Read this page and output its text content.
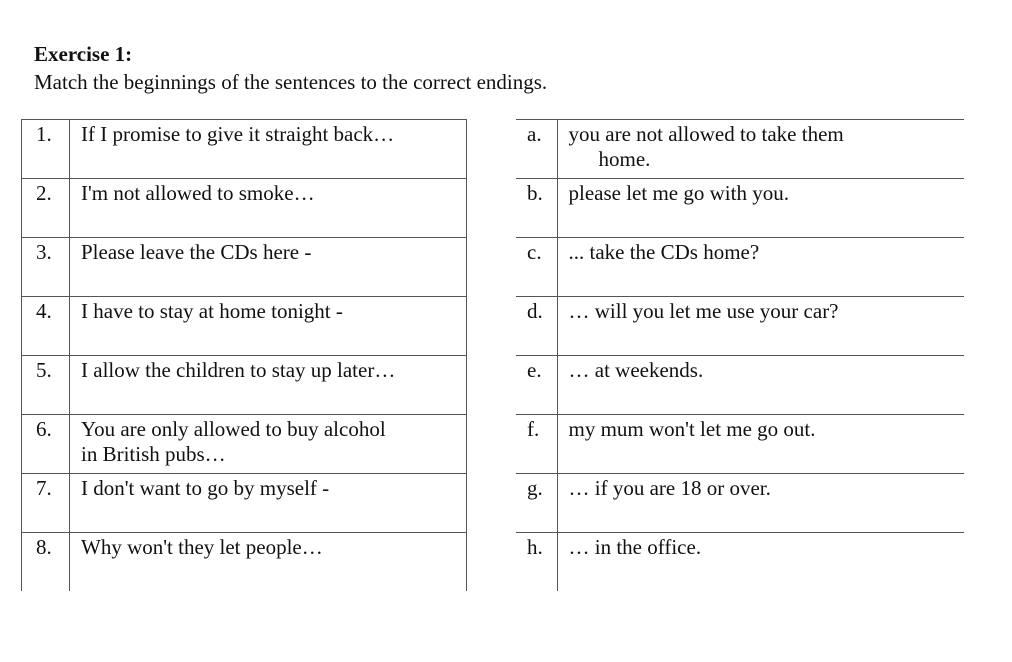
Exercise 1:
Match the beginnings of the sentences to the correct endings.
1.	If I promise to give it straight back…
2.	I'm not allowed to smoke…
3.	Please leave the CDs here -
4.	I have to stay at home tonight -
5.	I allow the children to stay up later…
6.	You are only allowed to buy alcohol
in British pubs…

7.	I don't want to go by myself -
8.	Why won't they let people…
a.	you are not allowed to take them
home.

b.	please let me go with you.
c.	... take the CDs home?
d.	… will you let me use your car?
e.	… at weekends.
f.	my mum won't let me go out.
g.	… if you are 18 or over.
h.	… in the office.
